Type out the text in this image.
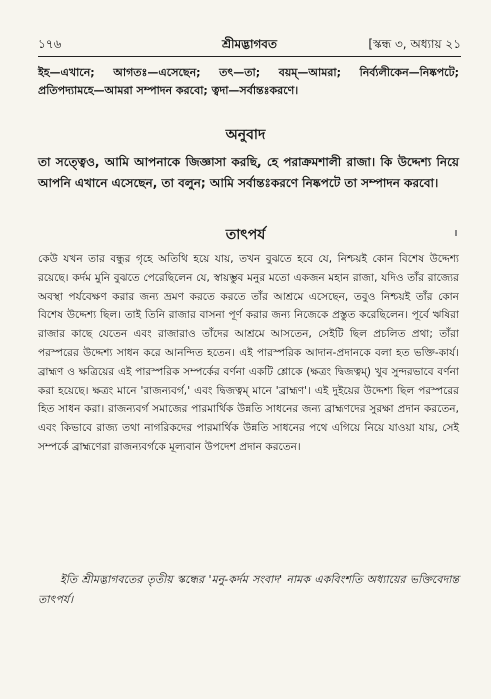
১৭৬	শ্রীমদ্ভাগবত	[স্কন্ধ ৩, অধ্যায় ২১
ইহ—এখানে; আগতঃ—এসেছেন; তৎ—তা; বয়ম্—আমরা; নির্ব্যলীকেন—নিষ্কপটে; প্রতিপদ্যামহে—আমরা সম্পাদন করবো; ত্বদা—সর্বান্তঃকরণে।
অনুবাদ
তা সত্ত্বেও, আমি আপনাকে জিজ্ঞাসা করছি, হে পরাক্রমশালী রাজা। কি উদ্দেশ্য নিয়ে আপনি এখানে এসেছেন, তা বলুন; আমি সর্বান্তঃকরণে নিষ্কপটে তা সম্পাদন করবো।
তাৎপর্য
কেউ যখন তার বন্ধুর গৃহে অতিথি হয়ে যায়, তখন বুঝতে হবে যে, নিশ্চয়ই কোন বিশেষ উদ্দেশ্য রয়েছে। কর্দম মুনি বুঝতে পেরেছিলেন যে, স্বায়ম্ভুব মনুর মতো একজন মহান রাজা, যদিও তাঁর রাজ্যের অবস্থা পর্যবেক্ষণ করার জন্য ভ্রমণ করতে করতে তাঁর আশ্রমে এসেছেন, তবুও নিশ্চয়ই তাঁর কোন বিশেষ উদ্দেশ্য ছিল। তাই তিনি রাজার বাসনা পূর্ণ করার জন্য নিজেকে প্রস্তুত করেছিলেন। পূর্বে ঋষিরা রাজার কাছে যেতেন এবং রাজারাও তাঁদের আশ্রমে আসতেন, সেইটি ছিল প্রচলিত প্রথা; তাঁরা পরস্পরের উদ্দেশ্য সাধন করে আনন্দিত হতেন। এই পারস্পরিক আদান-প্রদানকে বলা হত ভক্তি-কার্য। ব্রাহ্মণ ও ক্ষত্রিয়ের এই পারস্পরিক সম্পর্কের বর্ণনা একটি শ্লোকে (ক্ষত্রং দ্বিজত্বম্) খুব সুন্দরভাবে বর্ণনা করা হয়েছে। ক্ষত্রং মানে 'রাজন্যবর্গ,' এবং দ্বিজত্বম্ মানে 'ব্রাহ্মণ'। এই দুইয়ের উদ্দেশ্য ছিল পরস্পরের হিত সাধন করা। রাজন্যবর্গ সমাজের পারমার্থিক উন্নতি সাধনের জন্য ব্রাহ্মণদের সুরক্ষা প্রদান করতেন, এবং কিভাবে রাজ্য তথা নাগরিকদের পারমার্থিক উন্নতি সাধনের পথে এগিয়ে নিয়ে যাওয়া যায়, সেই সম্পর্কে ব্রাহ্মণেরা রাজন্যবর্গকে মূল্যবান উপদেশ প্রদান করতেন।
ইতি শ্রীমদ্ভাগবতের তৃতীয় স্কন্ধের 'মনু-কর্দম সংবাদ' নামক একবিংশতি অধ্যায়ের ভক্তিবেদান্ত তাৎপর্য।
